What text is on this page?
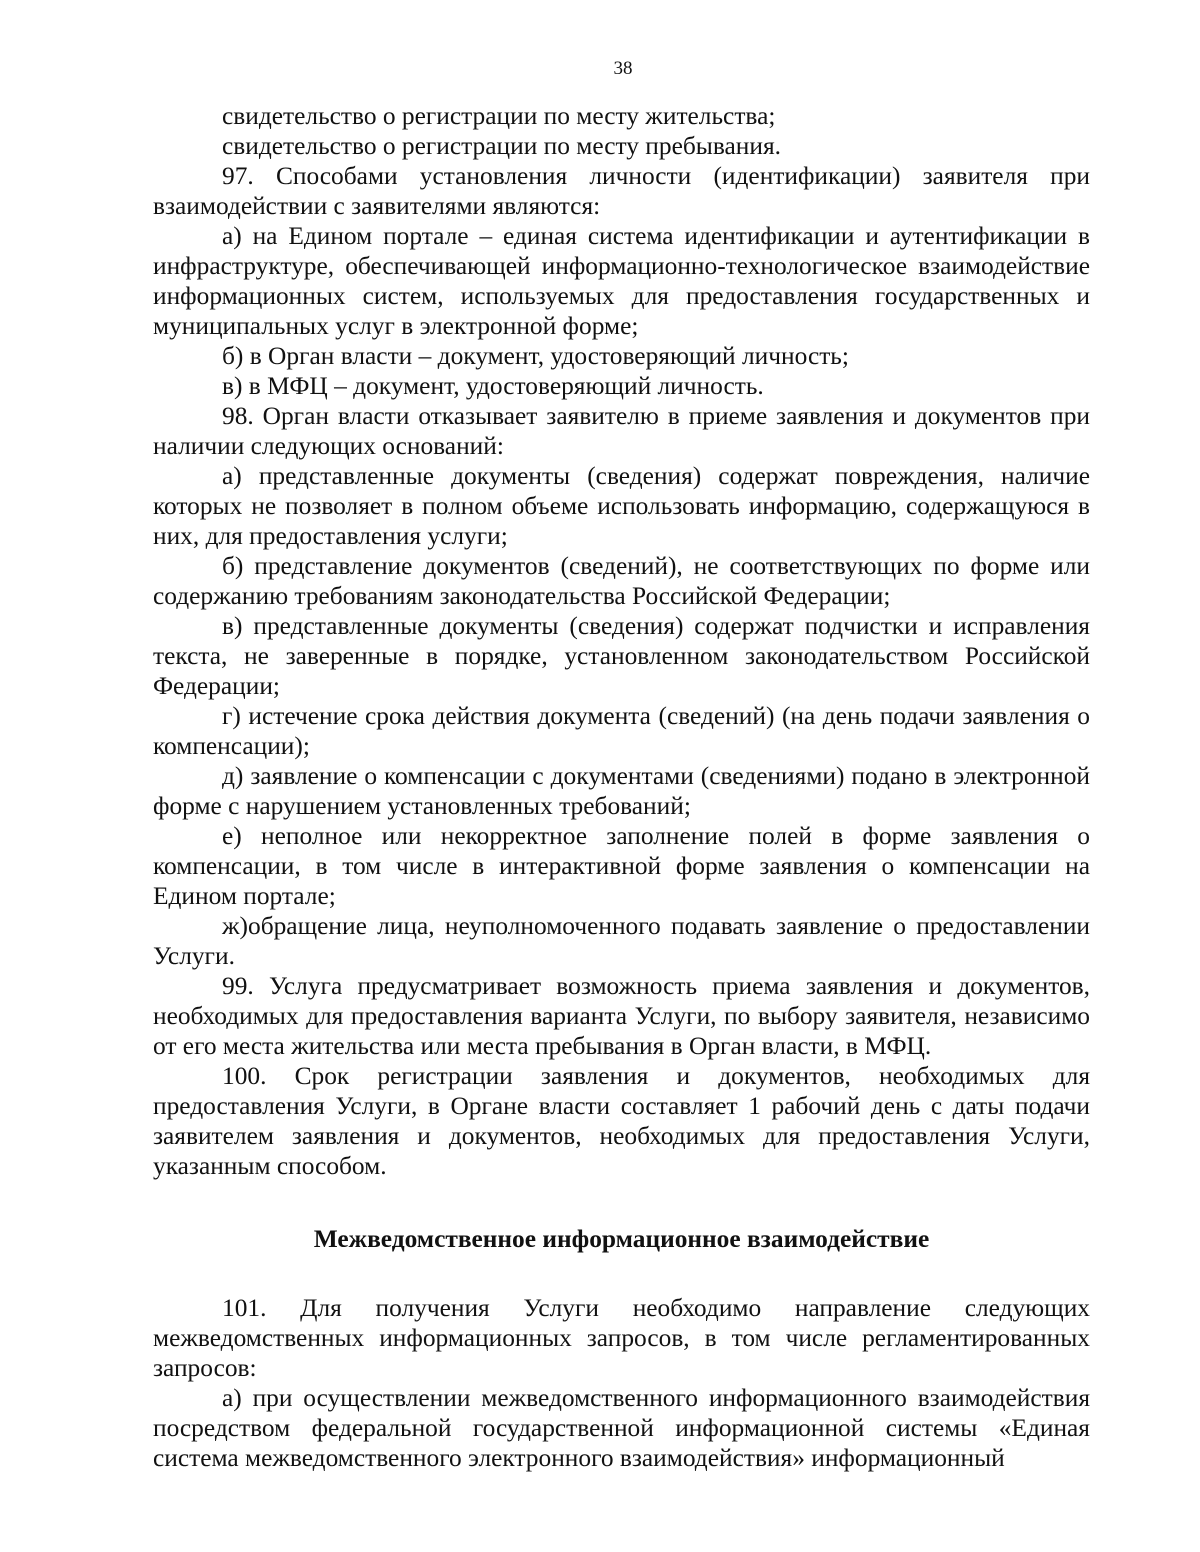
38

свидетельство о регистрации по месту жительства;

свидетельство о регистрации по месту пребывания.

97. Способами установления личности (идентификации) заявителя при взаимодействии с заявителями являются:

а) на Едином портале – единая система идентификации и аутентификации в инфраструктуре, обеспечивающей информационно-технологическое взаимодействие информационных систем, используемых для предоставления государственных и муниципальных услуг в электронной форме;

б) в Орган власти – документ, удостоверяющий личность;

в) в МФЦ – документ, удостоверяющий личность.

98. Орган власти отказывает заявителю в приеме заявления и документов при наличии следующих оснований:

а) представленные документы (сведения) содержат повреждения, наличие которых не позволяет в полном объеме использовать информацию, содержащуюся в них, для предоставления услуги;

б) представление документов (сведений), не соответствующих по форме или содержанию требованиям законодательства Российской Федерации;

в) представленные документы (сведения) содержат подчистки и исправления текста, не заверенные в порядке, установленном законодательством Российской Федерации;

г) истечение срока действия документа (сведений) (на день подачи заявления о компенсации);

д) заявление о компенсации с документами (сведениями) подано в электронной форме с нарушением установленных требований;

е) неполное или некорректное заполнение полей в форме заявления о компенсации, в том числе в интерактивной форме заявления о компенсации на Едином портале;

ж)обращение лица, неуполномоченного подавать заявление о предоставлении Услуги.

99. Услуга предусматривает возможность приема заявления и документов, необходимых для предоставления варианта Услуги, по выбору заявителя, независимо от его места жительства или места пребывания в Орган власти, в МФЦ.

100. Срок регистрации заявления и документов, необходимых для предоставления Услуги, в Органе власти составляет 1 рабочий день с даты подачи заявителем заявления и документов, необходимых для предоставления Услуги, указанным способом.

Межведомственное информационное взаимодействие

101. Для получения Услуги необходимо направление следующих межведомственных информационных запросов, в том числе регламентированных запросов:

а) при осуществлении межведомственного информационного взаимодействия посредством федеральной государственной информационной системы «Единая система межведомственного электронного взаимодействия» информационный
